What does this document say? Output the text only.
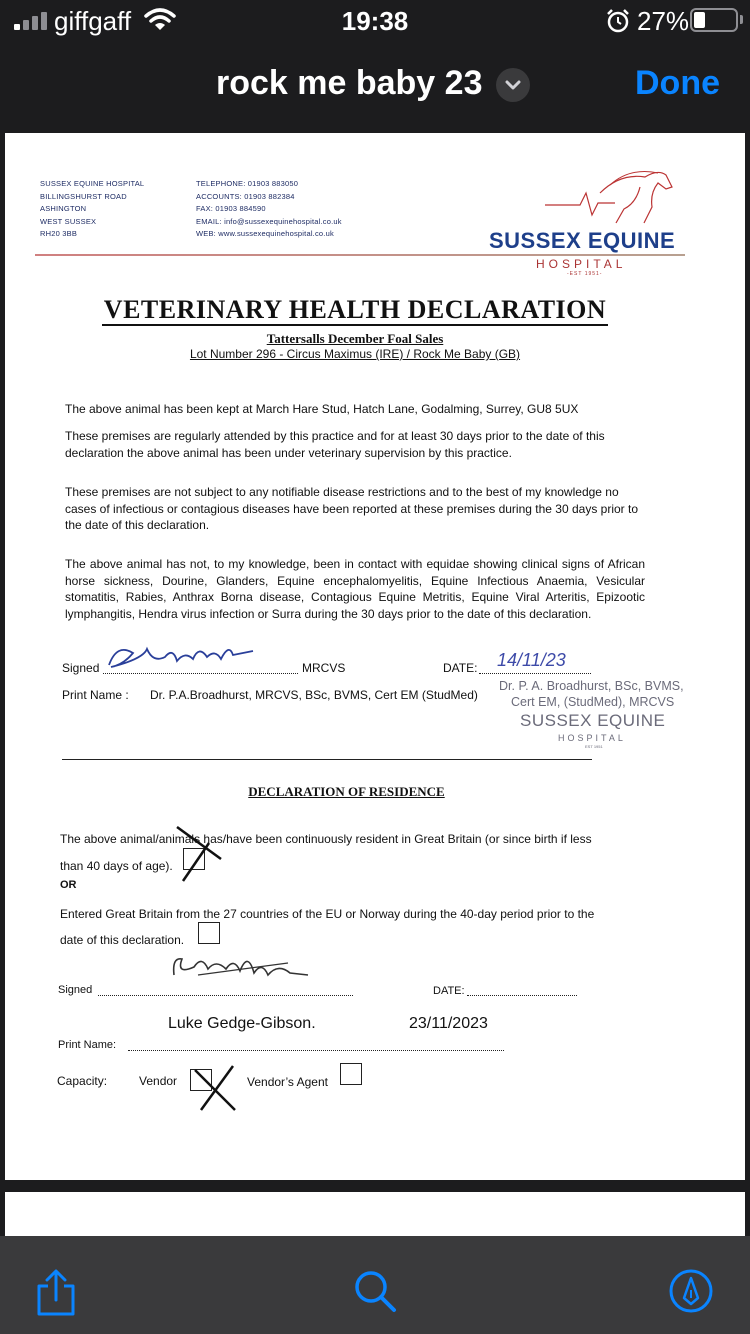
giffgaff	19:38	27%
rock me baby 23	Done
SUSSEX EQUINE HOSPITAL
BILLINGSHURST ROAD
ASHINGTON
WEST SUSSEX
RH20 3BB
TELEPHONE: 01903 883050
ACCOUNTS: 01903 882384
FAX: 01903 884590
EMAIL: info@sussexequinehospital.co.uk
WEB: www.sussexequinehospital.co.uk	SUSSEX EQUINE
HOSPITAL
-EST 1951-
VETERINARY HEALTH DECLARATION
Tattersalls December Foal Sales
Lot Number 296 - Circus Maximus (IRE) / Rock Me Baby (GB)
The above animal has been kept at March Hare Stud, Hatch Lane, Godalming, Surrey, GU8 5UX
These premises are regularly attended by this practice and for at least 30 days prior to the date of this declaration the above animal has been under veterinary supervision by this practice.
These premises are not subject to any notifiable disease restrictions and to the best of my knowledge no cases of infectious or contagious diseases have been reported at these premises during the 30 days prior to the date of this declaration.
The above animal has not, to my knowledge, been in contact with equidae showing clinical signs of African horse sickness, Dourine, Glanders, Equine encephalomyelitis, Equine Infectious Anaemia, Vesicular stomatitis, Rabies, Anthrax Borna disease, Contagious Equine Metritis, Equine Viral Arteritis, Epizootic lymphangitis, Hendra virus infection or Surra during the 30 days prior to the date of this declaration.
Signed	MRCVS	DATE: 14/11/23
Print Name : Dr. P.A.Broadhurst, MRCVS, BSc, BVMS, Cert EM (StudMed)
Dr. P. A. Broadhurst, BSc, BVMS,
Cert EM, (StudMed), MRCVS
SUSSEX EQUINE
HOSPITAL
EST 1951
DECLARATION OF RESIDENCE
The above animal/animals has/have been continuously resident in Great Britain (or since birth if less
than 40 days of age).
OR
Entered Great Britain from the 27 countries of the EU or Norway during the 40-day period prior to the
date of this declaration.
Signed	DATE:
Luke Gedge-Gibson.	23/11/2023
Print Name:
Capacity:	Vendor	Vendor’s Agent
